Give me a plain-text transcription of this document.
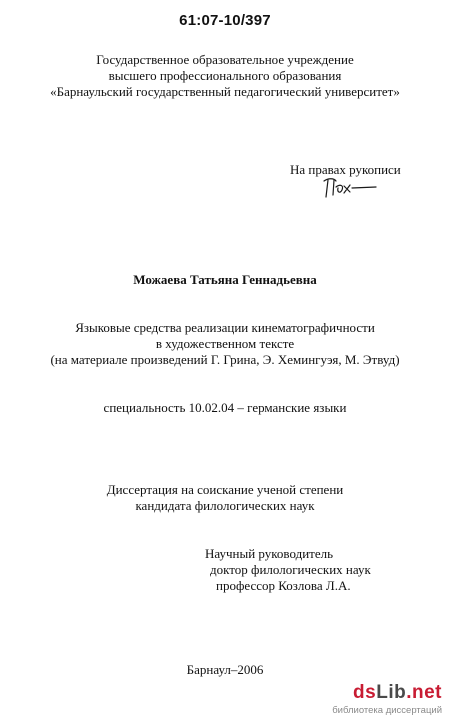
61:07-10/397
Государственное образовательное учреждение
высшего профессионального образования
«Барнаульский государственный педагогический университет»
На правах рукописи
Можаева Татьяна Геннадьевна
Языковые средства реализации кинематографичности
в художественном тексте
(на материале произведений Г. Грина, Э. Хемингуэя, М. Этвуд)
специальность 10.02.04 – германские языки
Диссертация на соискание ученой степени
кандидата филологических наук
Научный руководитель
доктор филологических наук
профессор Козлова Л.А.
Барнаул–2006
dsLib.net
библиотека диссертаций
